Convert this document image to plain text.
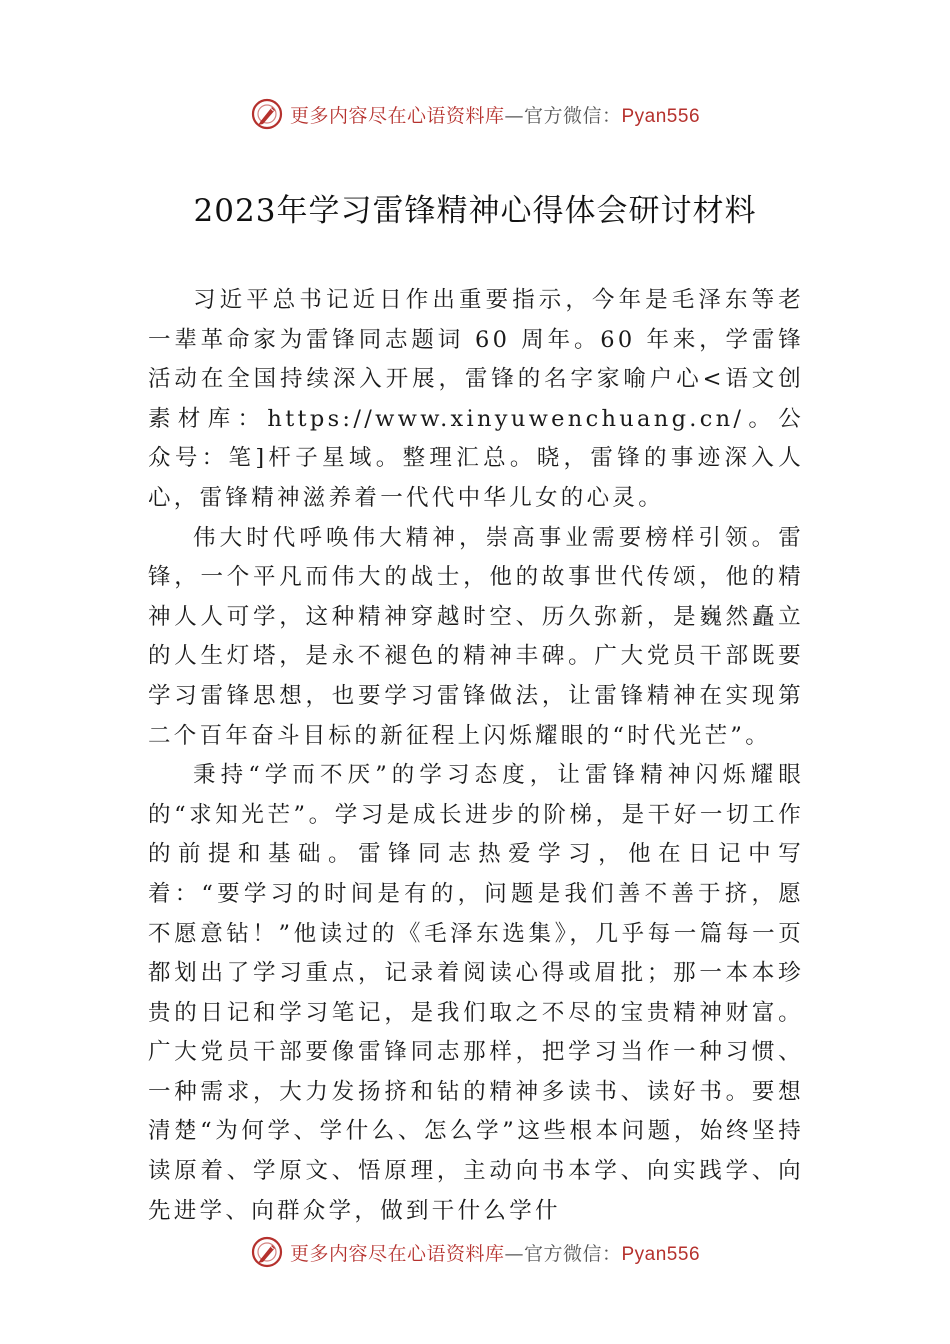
更多内容尽在心语资料库—官方微信：Pyan556
2023年学习雷锋精神心得体会研讨材料

习近平总书记近日作出重要指示，今年是毛泽东等老一辈革命家为雷锋同志题词 60 周年。60 年来，学雷锋活动在全国持续深入开展，雷锋的名字家喻户心<语文创素材库：https://www.xinyuwenchuang.cn/。公众号：笔]杆子星域。整理汇总。晓，雷锋的事迹深入人心，雷锋精神滋养着一代代中华儿女的心灵。

伟大时代呼唤伟大精神，崇高事业需要榜样引领。雷锋，一个平凡而伟大的战士，他的故事世代传颂，他的精神人人可学，这种精神穿越时空、历久弥新，是巍然矗立的人生灯塔，是永不褪色的精神丰碑。广大党员干部既要学习雷锋思想，也要学习雷锋做法，让雷锋精神在实现第二个百年奋斗目标的新征程上闪烁耀眼的“时代光芒”。

秉持“学而不厌”的学习态度，让雷锋精神闪烁耀眼的“求知光芒”。学习是成长进步的阶梯，是干好一切工作的前提和基础。雷锋同志热爱学习，他在日记中写着：“要学习的时间是有的，问题是我们善不善于挤，愿不愿意钻！”他读过的《毛泽东选集》，几乎每一篇每一页都划出了学习重点，记录着阅读心得或眉批；那一本本珍贵的日记和学习笔记，是我们取之不尽的宝贵精神财富。广大党员干部要像雷锋同志那样，把学习当作一种习惯、一种需求，大力发扬挤和钻的精神多读书、读好书。要想清楚“为何学、学什么、怎么学”这些根本问题，始终坚持读原着、学原文、悟原理，主动向书本学、向实践学、向先进学、向群众学，做到干什么学什

更多内容尽在心语资料库—官方微信：Pyan556
